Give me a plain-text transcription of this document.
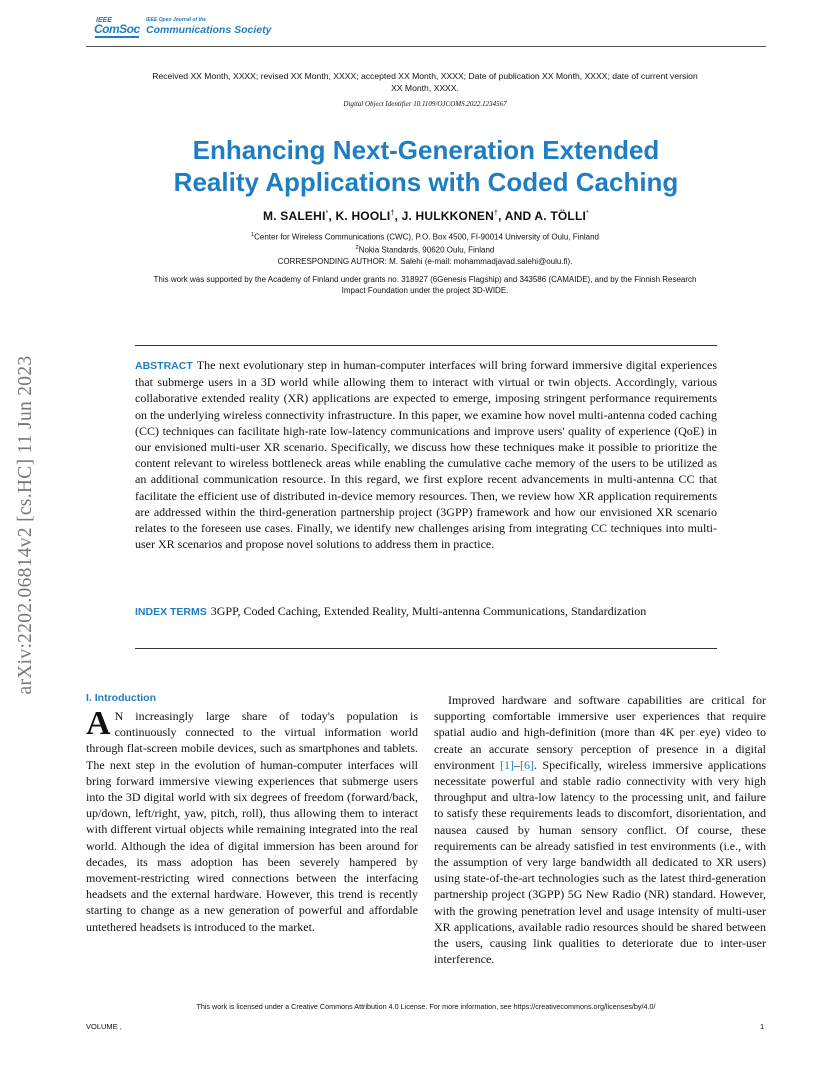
IEEE
ComSoc
IEEE Open Journal of the
Communications Society
Received XX Month, XXXX; revised XX Month, XXXX; accepted XX Month, XXXX; Date of publication XX Month, XXXX; date of current version XX Month, XXXX.
Digital Object Identifier 10.1109/OJCOMS.2022.1234567
Enhancing Next-Generation Extended
Reality Applications with Coded Caching
M. SALEHI*, K. HOOLI†, J. HULKKONEN†, AND A. TÖLLI*
$^1$Center for Wireless Communications (CWC), P.O. Box 4500, FI-90014 University of Oulu, Finland
$^2$Nokia Standards, 90620 Oulu, Finland
CORRESPONDING AUTHOR: M. Salehi (e-mail: mohammadjavad.salehi@oulu.fi).
This work was supported by the Academy of Finland under grants no. 318927 (6Genesis Flagship) and 343586 (CAMAIDE), and by the Finnish Research Impact Foundation under the project 3D-WIDE.
arXiv:2202.06814v2 [cs.HC] 11 Jun 2023	ABSTRACT The next evolutionary step in human-computer interfaces will bring forward immersive digital experiences that submerge users in a 3D world while allowing them to interact with virtual or twin objects. Accordingly, various collaborative extended reality (XR) applications are expected to emerge, imposing stringent performance requirements on the underlying wireless connectivity infrastructure. In this paper, we examine how novel multi-antenna coded caching (CC) techniques can facilitate high-rate low-latency communications and improve users' quality of experience (QoE) in our envisioned multi-user XR scenario. Specifically, we discuss how these techniques make it possible to prioritize the content relevant to wireless bottleneck areas while enabling the cumulative cache memory of the users to be utilized as an additional communication resource. In this regard, we first explore recent advancements in multi-antenna CC that facilitate the efficient use of distributed in-device memory resources. Then, we review how XR application requirements are addressed within the third-generation partnership project (3GPP) framework and how our envisioned XR scenario relates to the foreseen use cases. Finally, we identify new challenges arising from integrating CC techniques into multi-user XR scenarios and propose novel solutions to address them in practice.
INDEX TERMS 3GPP, Coded Caching, Extended Reality, Multi-antenna Communications, Standardization
I. Introduction
A N increasingly large share of today's population is continuously connected to the virtual information world through flat-screen mobile devices, such as smartphones and tablets. The next step in the evolution of human-computer interfaces will bring forward immersive viewing experiences that submerge users into the 3D digital world with six degrees of freedom (forward/back, up/down, left/right, yaw, pitch, roll), thus allowing them to interact with different virtual objects while remaining integrated into the real world. Although the idea of digital immersion has been around for decades, its mass adoption has been severely hampered by movement-restricting wired connections between the interfacing headsets and the external hardware. However, this trend is recently starting to change as a new generation of powerful and affordable untethered headsets is introduced to the market.
Improved hardware and software capabilities are critical for supporting comfortable immersive user experiences that require spatial audio and high-definition (more than 4K per eye) video to create an accurate sensory perception of presence in a digital environment [1]–[6]. Specifically, wireless immersive applications necessitate powerful and stable radio connectivity with very high throughput and ultra-low latency to the processing unit, and failure to satisfy these requirements leads to discomfort, disorientation, and nausea caused by human sensory conflict. Of course, these requirements can be already satisfied in test environments (i.e., with the assumption of very large bandwidth all dedicated to XR users) using state-of-the-art technologies such as the latest third-generation partnership project (3GPP) 5G New Radio (NR) standard. However, with the growing penetration level and usage intensity of multi-user XR applications, available radio resources should be shared between the users, causing link qualities to deteriorate due to inter-user interference.
This work is licensed under a Creative Commons Attribution 4.0 License. For more information, see https://creativecommons.org/licenses/by/4.0/
VOLUME ,	1
